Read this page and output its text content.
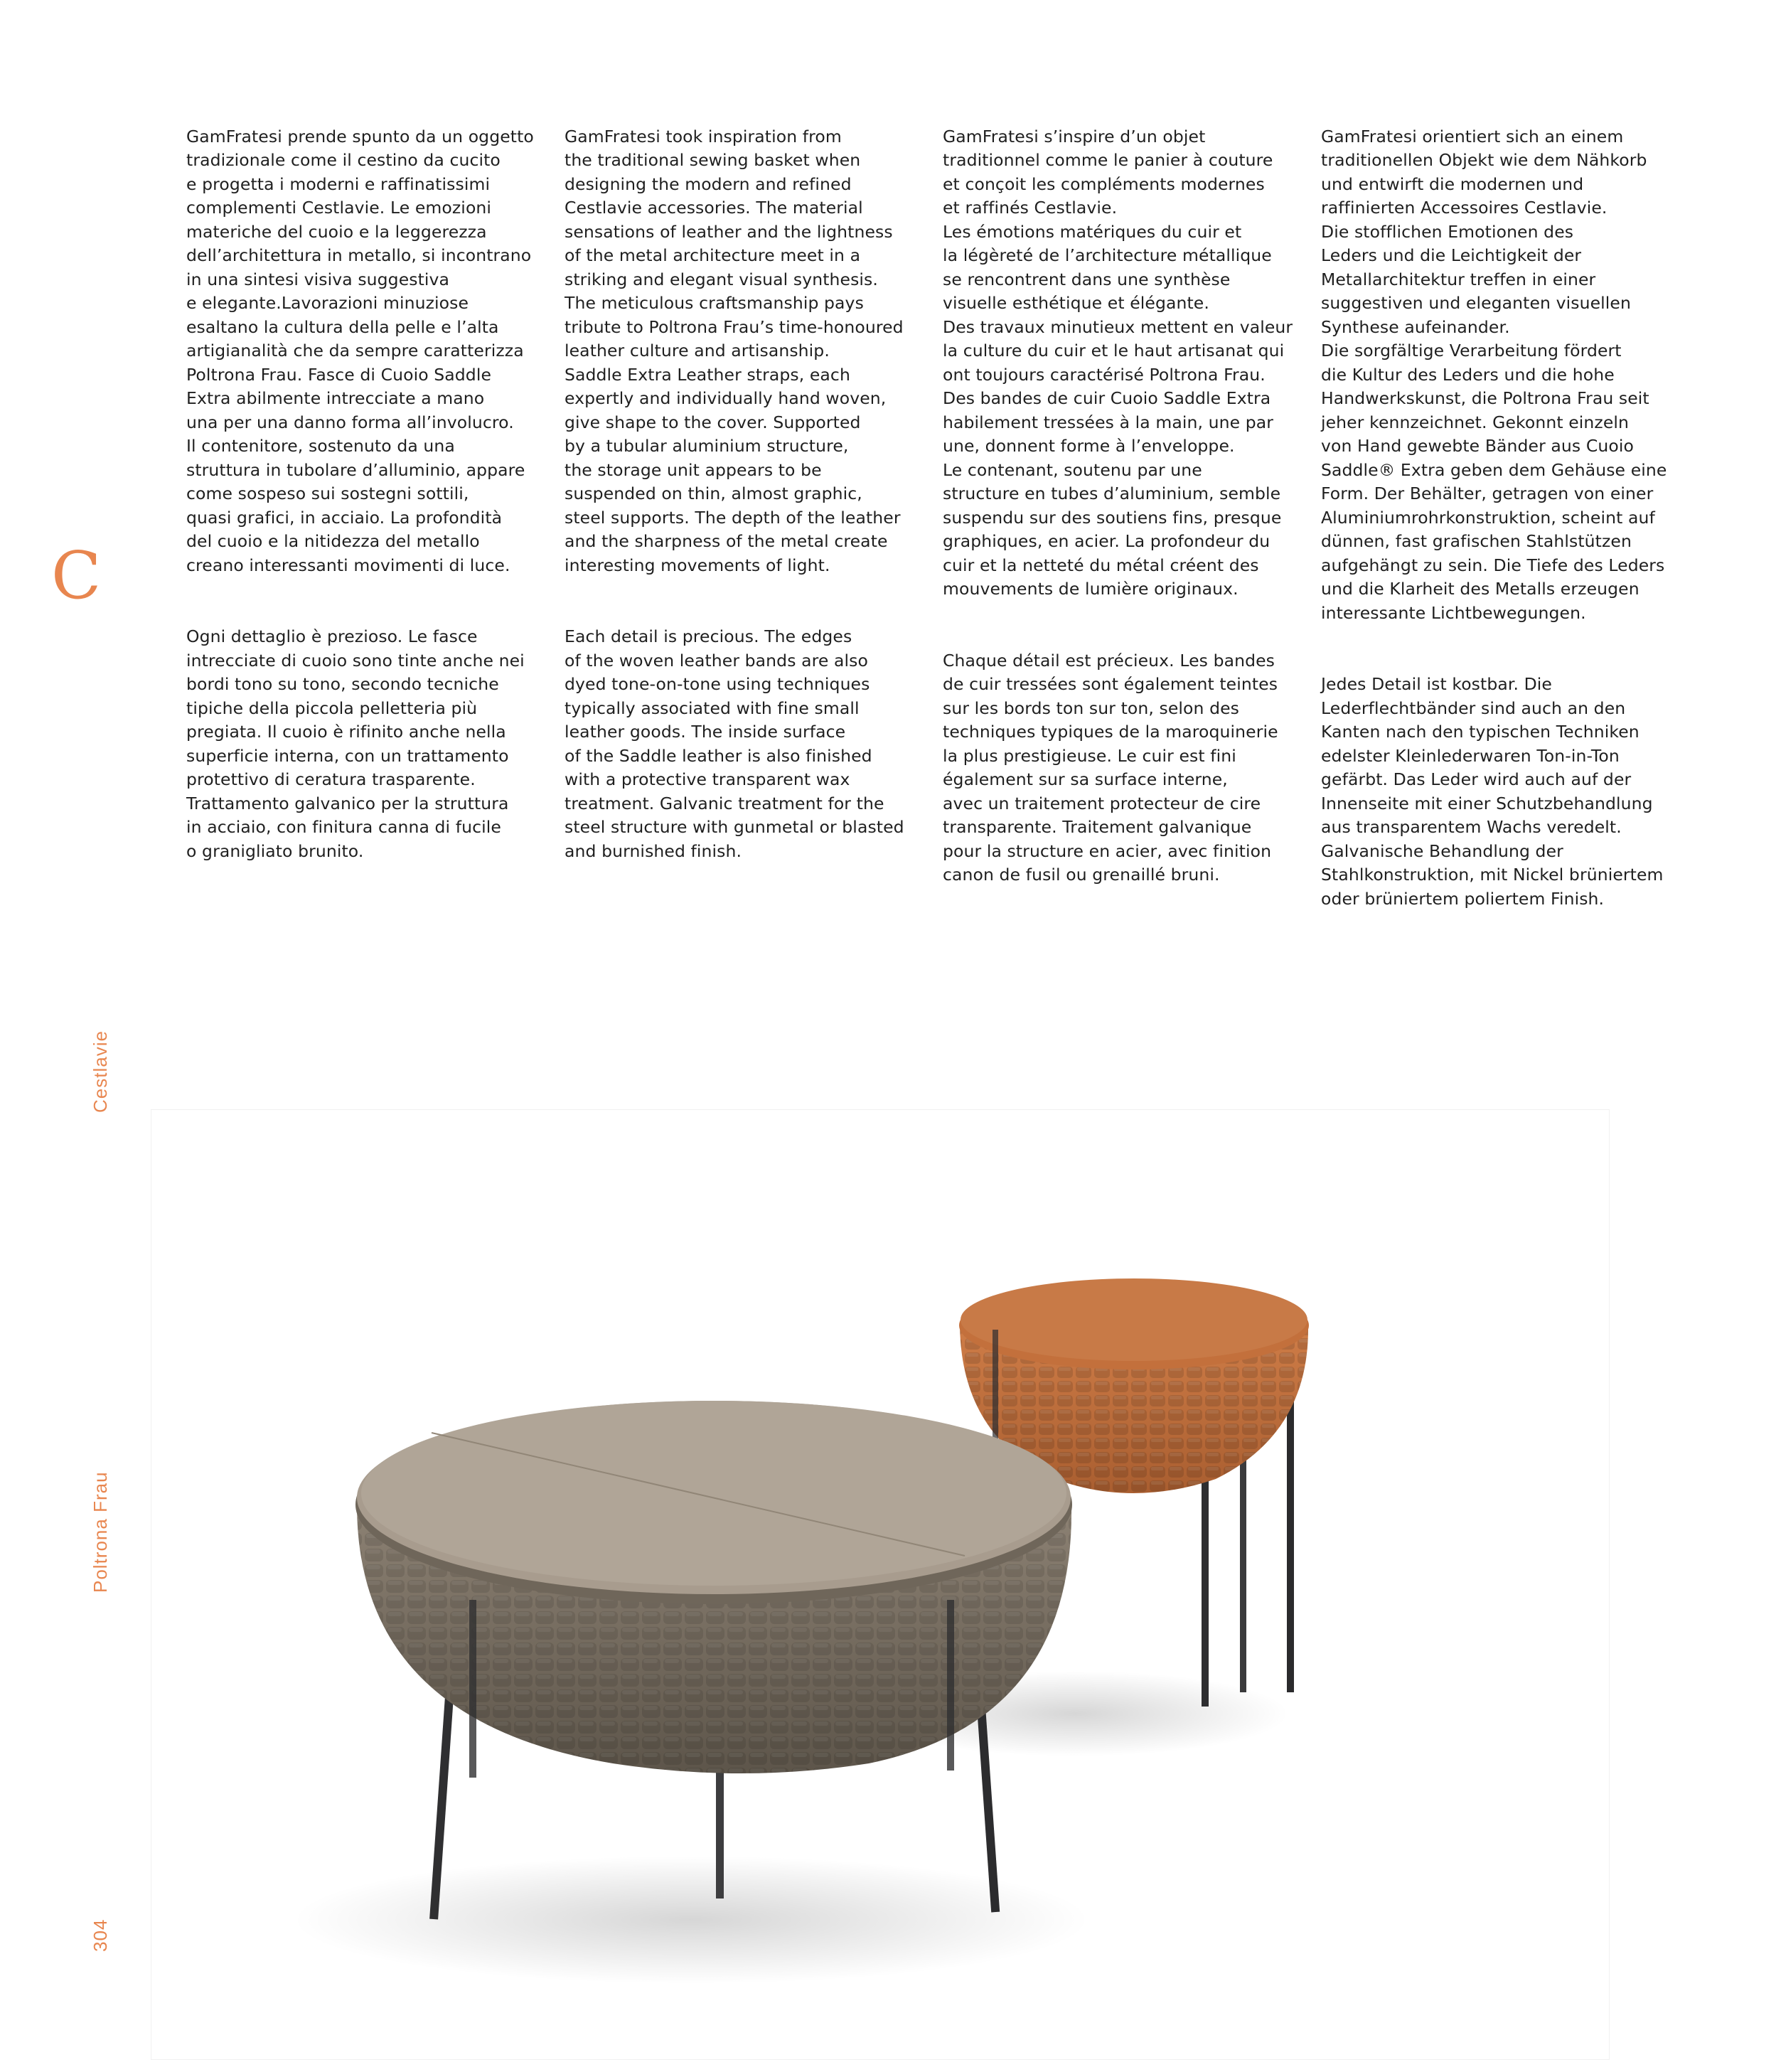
GamFratesi prende spunto da un oggetto
tradizionale come il cestino da cucito
e progetta i moderni e raffinatissimi
complementi Cestlavie. Le emozioni
materiche del cuoio e la leggerezza
dell’architettura in metallo, si incontrano
in una sintesi visiva suggestiva
e elegante.Lavorazioni minuziose
esaltano la cultura della pelle e l’alta
artigianalità che da sempre caratterizza
Poltrona Frau. Fasce di Cuoio Saddle
Extra abilmente intrecciate a mano
una per una danno forma all’involucro.
Il contenitore, sostenuto da una
struttura in tubolare d’alluminio, appare
come sospeso sui sostegni sottili,
quasi grafici, in acciaio. La profondità
del cuoio e la nitidezza del metallo
creano interessanti movimenti di luce.

Ogni dettaglio è prezioso. Le fasce
intrecciate di cuoio sono tinte anche nei
bordi tono su tono, secondo tecniche
tipiche della piccola pelletteria più
pregiata. Il cuoio è rifinito anche nella
superficie interna, con un trattamento
protettivo di ceratura trasparente.
Trattamento galvanico per la struttura
in acciaio, con finitura canna di fucile
o granigliato brunito.

GamFratesi took inspiration from
the traditional sewing basket when
designing the modern and refined
Cestlavie accessories. The material
sensations of leather and the lightness
of the metal architecture meet in a
striking and elegant visual synthesis.
The meticulous craftsmanship pays
tribute to Poltrona Frau’s time-honoured
leather culture and artisanship.
Saddle Extra Leather straps, each
expertly and individually hand woven,
give shape to the cover. Supported
by a tubular aluminium structure,
the storage unit appears to be
suspended on thin, almost graphic,
steel supports. The depth of the leather
and the sharpness of the metal create
interesting movements of light.

Each detail is precious. The edges
of the woven leather bands are also
dyed tone-on-tone using techniques
typically associated with fine small
leather goods. The inside surface
of the Saddle leather is also finished
with a protective transparent wax
treatment. Galvanic treatment for the
steel structure with gunmetal or blasted
and burnished finish.

GamFratesi s’inspire d’un objet
traditionnel comme le panier à couture
et conçoit les compléments modernes
et raffinés Cestlavie.
Les émotions matériques du cuir et
la légèreté de l’architecture métallique
se rencontrent dans une synthèse
visuelle esthétique et élégante.
Des travaux minutieux mettent en valeur
la culture du cuir et le haut artisanat qui
ont toujours caractérisé Poltrona Frau.
Des bandes de cuir Cuoio Saddle Extra
habilement tressées à la main, une par
une, donnent forme à l’enveloppe.
Le contenant, soutenu par une
structure en tubes d’aluminium, semble
suspendu sur des soutiens fins, presque
graphiques, en acier. La profondeur du
cuir et la netteté du métal créent des
mouvements de lumière originaux.

Chaque détail est précieux. Les bandes
de cuir tressées sont également teintes
sur les bords ton sur ton, selon des
techniques typiques de la maroquinerie
la plus prestigieuse. Le cuir est fini
également sur sa surface interne,
avec un traitement protecteur de cire
transparente. Traitement galvanique
pour la structure en acier, avec finition
canon de fusil ou grenaillé bruni.

GamFratesi orientiert sich an einem
traditionellen Objekt wie dem Nähkorb
und entwirft die modernen und
raffinierten Accessoires Cestlavie.
Die stofflichen Emotionen des
Leders und die Leichtigkeit der
Metallarchitektur treffen in einer
suggestiven und eleganten visuellen
Synthese aufeinander.
Die sorgfältige Verarbeitung fördert
die Kultur des Leders und die hohe
Handwerkskunst, die Poltrona Frau seit
jeher kennzeichnet. Gekonnt einzeln
von Hand gewebte Bänder aus Cuoio
Saddle® Extra geben dem Gehäuse eine
Form. Der Behälter, getragen von einer
Aluminiumrohrkonstruktion, scheint auf
dünnen, fast grafischen Stahlstützen
aufgehängt zu sein. Die Tiefe des Leders
und die Klarheit des Metalls erzeugen
interessante Lichtbewegungen.

Jedes Detail ist kostbar. Die
Lederflechtbänder sind auch an den
Kanten nach den typischen Techniken
edelster Kleinlederwaren Ton-in-Ton
gefärbt. Das Leder wird auch auf der
Innenseite mit einer Schutzbehandlung
aus transparentem Wachs veredelt.
Galvanische Behandlung der
Stahlkonstruktion, mit Nickel brüniertem
oder brüniertem poliertem Finish.

C
Cestlavie
Poltrona Frau
304
